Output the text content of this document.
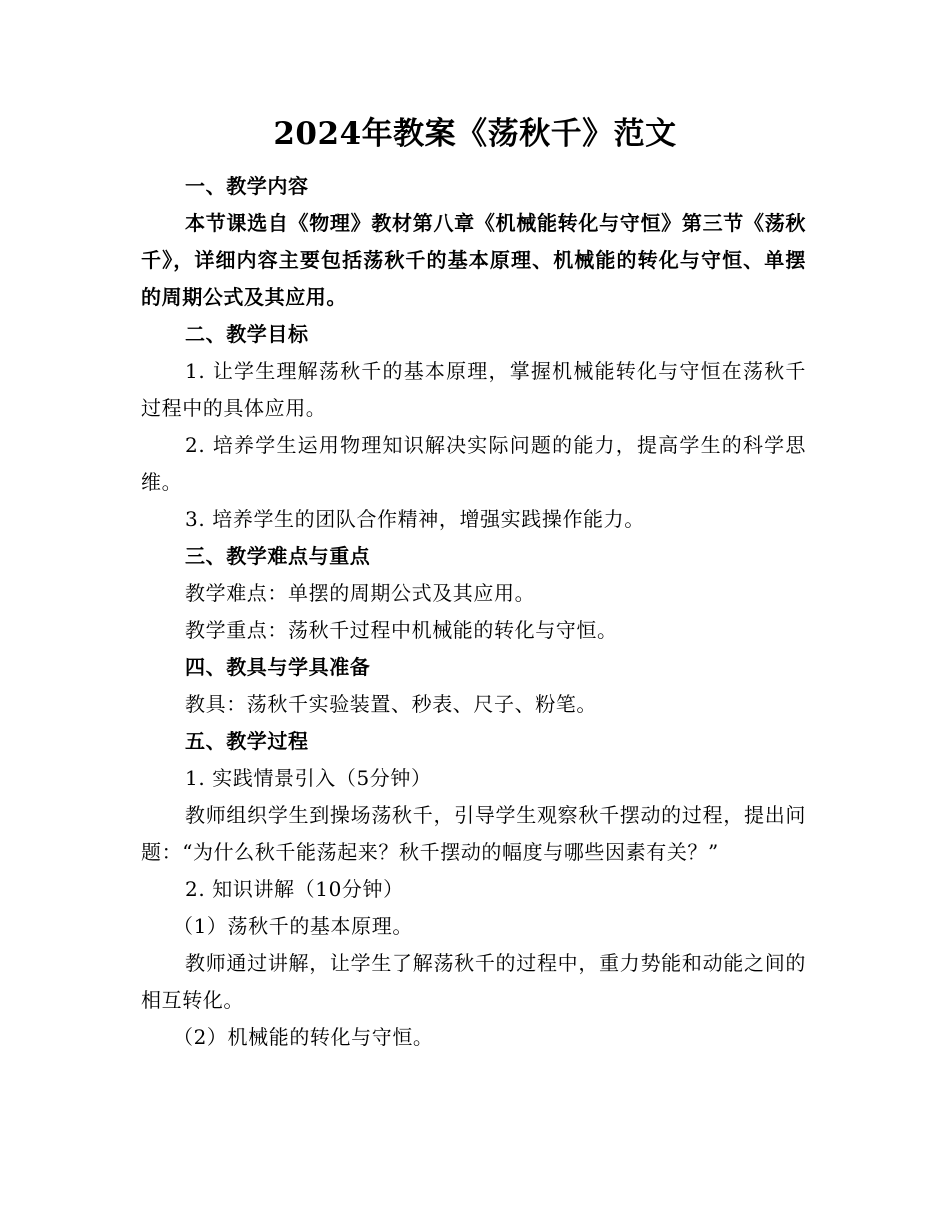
2024年教案《荡秋千》范文

一、教学内容

本节课选自《物理》教材第八章《机械能转化与守恒》第三节《荡秋千》，详细内容主要包括荡秋千的基本原理、机械能的转化与守恒、单摆的周期公式及其应用。

二、教学目标

1. 让学生理解荡秋千的基本原理，掌握机械能转化与守恒在荡秋千过程中的具体应用。

2. 培养学生运用物理知识解决实际问题的能力，提高学生的科学思维。

3. 培养学生的团队合作精神，增强实践操作能力。

三、教学难点与重点

教学难点：单摆的周期公式及其应用。

教学重点：荡秋千过程中机械能的转化与守恒。

四、教具与学具准备

教具：荡秋千实验装置、秒表、尺子、粉笔。

五、教学过程

1. 实践情景引入（5分钟）

教师组织学生到操场荡秋千，引导学生观察秋千摆动的过程，提出问题：“为什么秋千能荡起来？秋千摆动的幅度与哪些因素有关？”

2. 知识讲解（10分钟）

（1）荡秋千的基本原理。

教师通过讲解，让学生了解荡秋千的过程中，重力势能和动能之间的相互转化。

（2）机械能的转化与守恒。
